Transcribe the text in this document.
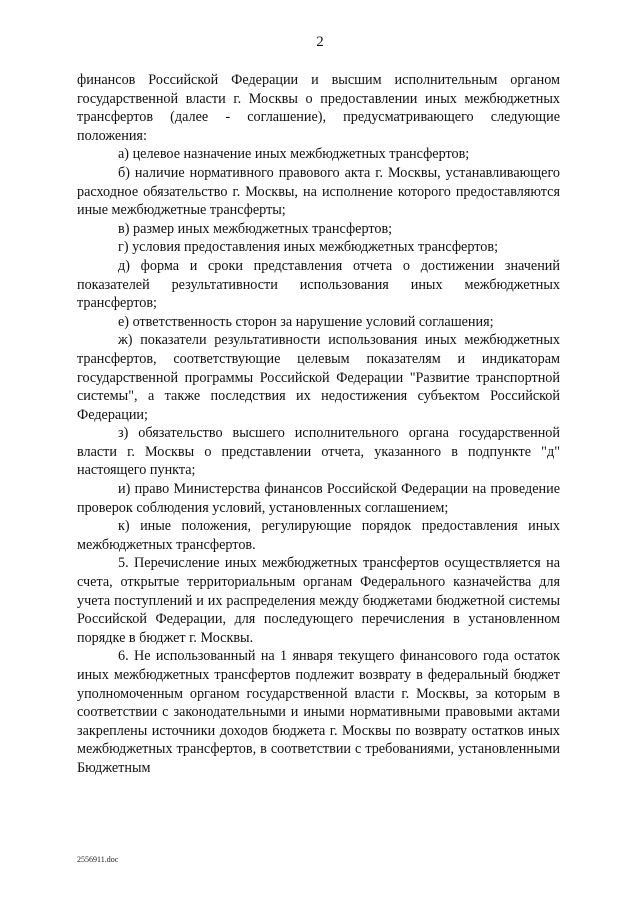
2

финансов Российской Федерации и высшим исполнительным органом государственной власти г. Москвы о предоставлении иных межбюджетных трансфертов (далее - соглашение), предусматривающего следующие положения:

а) целевое назначение иных межбюджетных трансфертов;

б) наличие нормативного правового акта г. Москвы, устанавливающего расходное обязательство г. Москвы, на исполнение которого предоставляются иные межбюджетные трансферты;

в) размер иных межбюджетных трансфертов;

г) условия предоставления иных межбюджетных трансфертов;

д) форма и сроки представления отчета о достижении значений показателей результативности использования иных межбюджетных трансфертов;

е) ответственность сторон за нарушение условий соглашения;

ж) показатели результативности использования иных межбюджетных трансфертов, соответствующие целевым показателям и индикаторам государственной программы Российской Федерации "Развитие транспортной системы", а также последствия их недостижения субъектом Российской Федерации;

з) обязательство высшего исполнительного органа государственной власти г. Москвы о представлении отчета, указанного в подпункте "д" настоящего пункта;

и) право Министерства финансов Российской Федерации на проведение проверок соблюдения условий, установленных соглашением;

к) иные положения, регулирующие порядок предоставления иных межбюджетных трансфертов.

5. Перечисление иных межбюджетных трансфертов осуществляется на счета, открытые территориальным органам Федерального казначейства для учета поступлений и их распределения между бюджетами бюджетной системы Российской Федерации, для последующего перечисления в установленном порядке в бюджет г. Москвы.

6. Не использованный на 1 января текущего финансового года остаток иных межбюджетных трансфертов подлежит возврату в федеральный бюджет уполномоченным органом государственной власти г. Москвы, за которым в соответствии с законодательными и иными нормативными правовыми актами закреплены источники доходов бюджета г. Москвы по возврату остатков иных межбюджетных трансфертов, в соответствии с требованиями, установленными Бюджетным

2556911.doc
